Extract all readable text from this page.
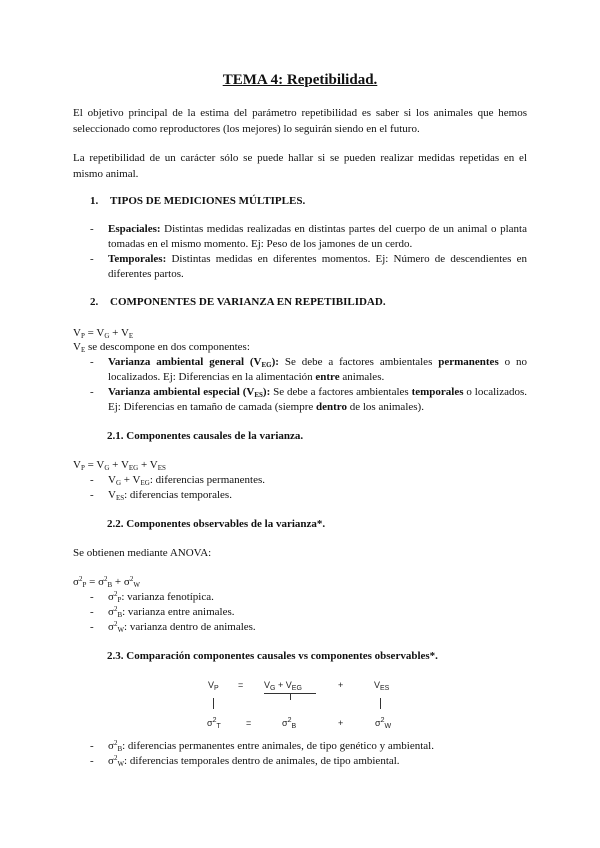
TEMA 4: Repetibilidad.
El objetivo principal de la estima del parámetro repetibilidad es saber si los animales que hemos seleccionado como reproductores (los mejores) lo seguirán siendo en el futuro.
La repetibilidad de un carácter sólo se puede hallar si se pueden realizar medidas repetidas en el mismo animal.
1. TIPOS DE MEDICIONES MÚLTIPLES.
- Espaciales: Distintas medidas realizadas en distintas partes del cuerpo de un animal o planta tomadas en el mismo momento. Ej: Peso de los jamones de un cerdo.
- Temporales: Distintas medidas en diferentes momentos. Ej: Número de descendientes en diferentes partos.
2. COMPONENTES DE VARIANZA EN REPETIBILIDAD.
$V_P = V_G + V_E$
$V_E$ se descompone en dos componentes:
- Varianza ambiental general $(V_{EG})$: Se debe a factores ambientales permanentes o no localizados. Ej: Diferencias en la alimentación entre animales.
- Varianza ambiental especial $(V_{ES})$: Se debe a factores ambientales temporales o localizados. Ej: Diferencias en tamaño de camada (siempre dentro de los animales).
2.1. Componentes causales de la varianza.
$V_P = V_G + V_{EG} + V_{ES}$
- $V_G + V_{EG}$: diferencias permanentes.
- $V_{ES}$: diferencias temporales.
2.2. Componentes observables de la varianza*.
Se obtienen mediante ANOVA:
$\sigma^2_P = \sigma^2_B + \sigma^2_W$
- $\sigma^2_P$: varianza fenotípica.
- $\sigma^2_B$: varianza entre animales.
- $\sigma^2_W$: varianza dentro de animales.
2.3. Comparación componentes causales vs componentes observables*.
$V_P = V_G + V_{EG}$	+	$V_{ES}$
$\sigma^2_T$	=	$\sigma^2_B$	+	$\sigma^2_W$
- $\sigma^2_B$: diferencias permanentes entre animales, de tipo genético y ambiental.
- $\sigma^2_W$: diferencias temporales dentro de animales, de tipo ambiental.
